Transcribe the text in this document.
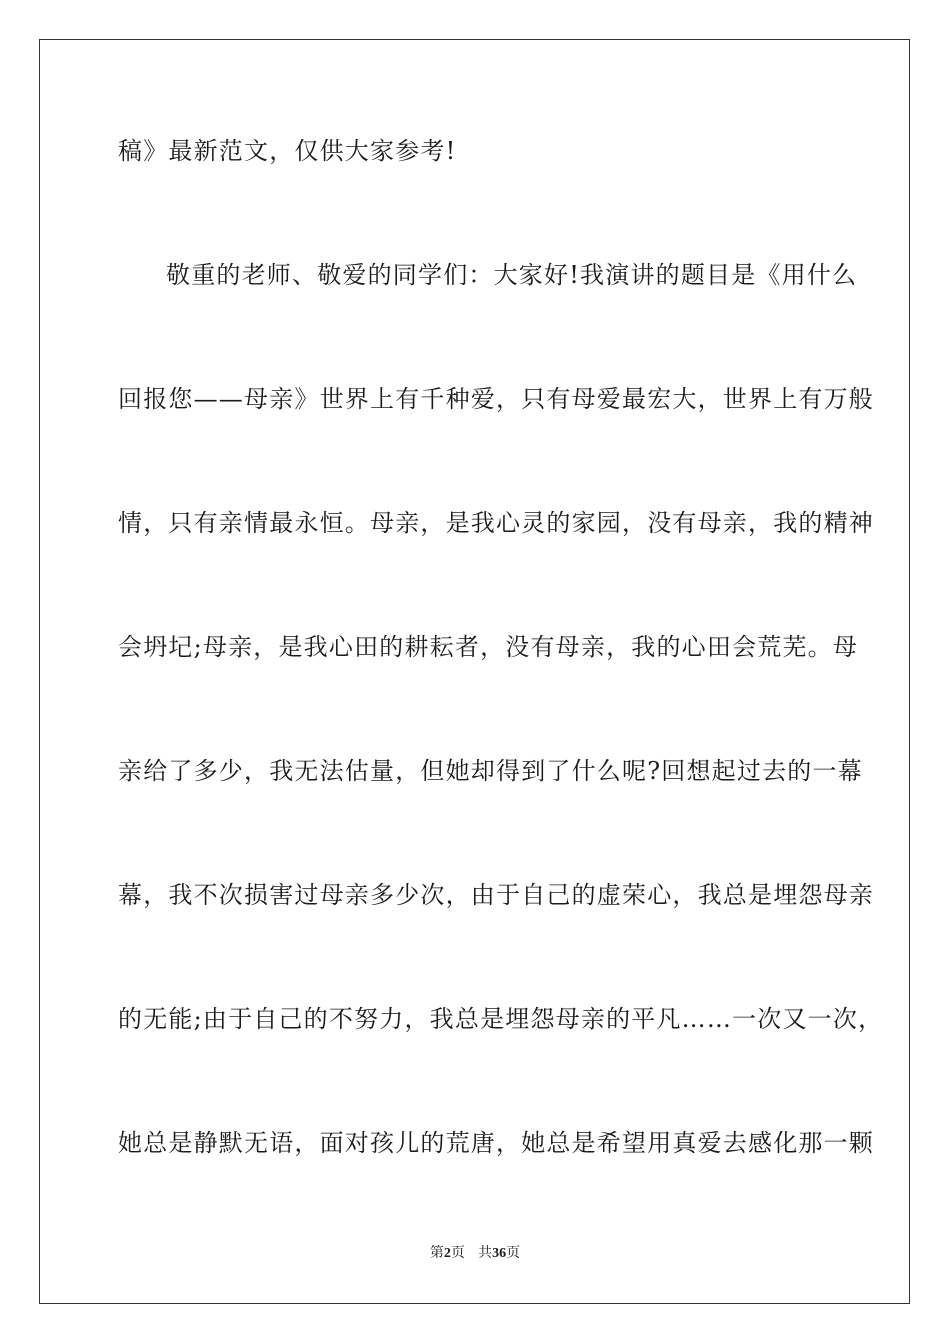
稿》最新范文，仅供大家参考!
敬重的老师、敬爱的同学们：大家好!我演讲的题目是《用什么
回报您——母亲》世界上有千种爱，只有母爱最宏大，世界上有万般
情，只有亲情最永恒。母亲，是我心灵的家园，没有母亲，我的精神
会坍圮;母亲，是我心田的耕耘者，没有母亲，我的心田会荒芜。母
亲给了多少，我无法估量，但她却得到了什么呢?回想起过去的一幕
幕，我不次损害过母亲多少次，由于自己的虚荣心，我总是埋怨母亲
的无能;由于自己的不努力，我总是埋怨母亲的平凡……一次又一次，
她总是静默无语，面对孩儿的荒唐，她总是希望用真爱去感化那一颗
第2页 共36页
